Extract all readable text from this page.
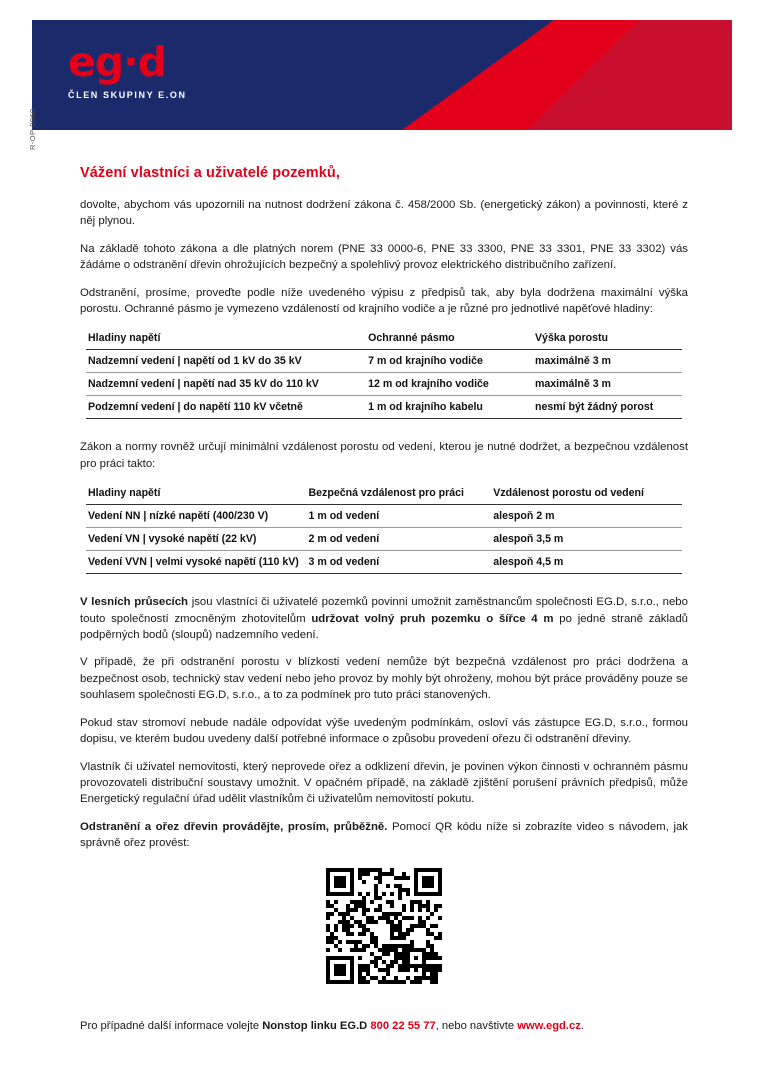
eg·d
ČLEN SKUPINY E.ON
R-OP-0060
Vážení vlastníci a uživatelé pozemků,

dovolte, abychom vás upozornili na nutnost dodržení zákona č. 458/2000 Sb. (energetický zákon) a povinnosti, které z něj plynou.

Na základě tohoto zákona a dle platných norem (PNE 33 0000-6, PNE 33 3300, PNE 33 3301, PNE 33 3302) vás žádáme o odstranění dřevin ohrožujících bezpečný a spolehlivý provoz elektrického distribučního zařízení.

Odstranění, prosíme, proveďte podle níže uvedeného výpisu z předpisů tak, aby byla dodržena maximální výška porostu. Ochranné pásmo je vymezeno vzdáleností od krajního vodiče a je různé pro jednotlivé napěťové hladiny:

Hladiny napětí	Ochranné pásmo	Výška porostu
Nadzemní vedení | napětí od 1 kV do 35 kV	7 m od krajního vodiče	maximálně 3 m
Nadzemní vedení | napětí nad 35 kV do 110 kV	12 m od krajního vodiče	maximálně 3 m
Podzemní vedení | do napětí 110 kV včetně	1 m od krajního kabelu	nesmí být žádný porost

Zákon a normy rovněž určují minimální vzdálenost porostu od vedení, kterou je nutné dodržet, a bezpečnou vzdálenost pro práci takto:

Hladiny napětí	Bezpečná vzdálenost pro práci	Vzdálenost porostu od vedení
Vedení NN | nízké napětí (400/230 V)	1 m od vedení	alespoň 2 m
Vedení VN | vysoké napětí (22 kV)	2 m od vedení	alespoň 3,5 m
Vedení VVN | velmi vysoké napětí (110 kV)	3 m od vedení	alespoň 4,5 m

V lesních průsecích jsou vlastníci či uživatelé pozemků povinni umožnit zaměstnancům společnosti EG.D, s.r.o., nebo touto společností zmocněným zhotovitelům udržovat volný pruh pozemku o šířce 4 m po jedné straně základů podpěrných bodů (sloupů) nadzemního vedení.

V případě, že při odstranění porostu v blízkosti vedení nemůže být bezpečná vzdálenost pro práci dodržena a bezpečnost osob, technický stav vedení nebo jeho provoz by mohly být ohroženy, mohou být práce prováděny pouze se souhlasem společnosti EG.D, s.r.o., a to za podmínek pro tuto práci stanovených.

Pokud stav stromoví nebude nadále odpovídat výše uvedeným podmínkám, osloví vás zástupce EG.D, s.r.o., formou dopisu, ve kterém budou uvedeny další potřebné informace o způsobu provedení ořezu či odstranění dřeviny.

Vlastník či uživatel nemovitosti, který neprovede ořez a odklizení dřevin, je povinen výkon činnosti v ochranném pásmu provozovateli distribuční soustavy umožnit. V opačném případě, na základě zjištění porušení právních předpisů, může Energetický regulační úřad udělit vlastníkům či uživatelům nemovitostí pokutu.

Odstranění a ořez dřevin provádějte, prosím, průběžně. Pomocí QR kódu níže si zobrazíte video s návodem, jak správně ořez provést:

Pro případné další informace volejte Nonstop linku EG.D 800 22 55 77, nebo navštivte www.egd.cz.
